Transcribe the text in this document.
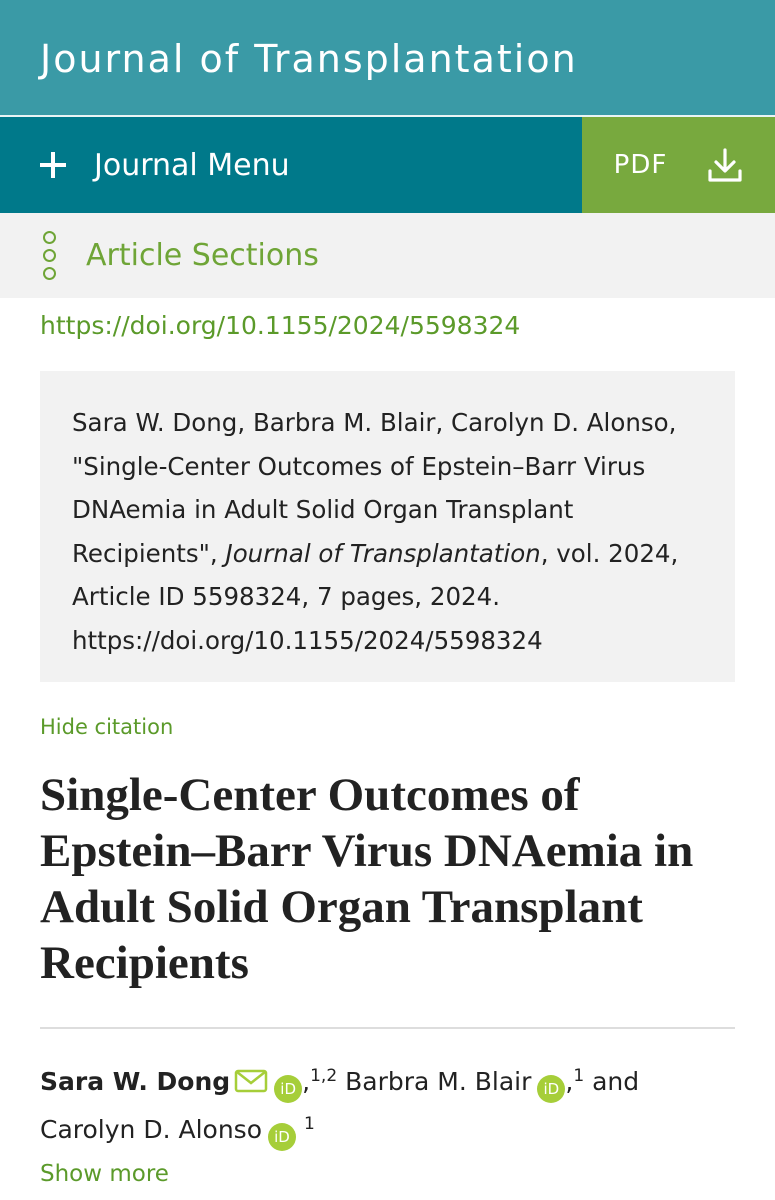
Journal of Transplantation
Journal Menu	PDF
Article Sections
https://doi.org/10.1155/2024/5598324
Sara W. Dong, Barbra M. Blair, Carolyn D. Alonso, "Single-Center Outcomes of Epstein–Barr Virus DNAemia in Adult Solid Organ Transplant Recipients", Journal of Transplantation, vol. 2024, Article ID 5598324, 7 pages, 2024. https://doi.org/10.1155/2024/5598324
Hide citation
Single-Center Outcomes of Epstein–Barr Virus DNAemia in Adult Solid Organ Transplant Recipients
Sara W. Dong	iD ,$^{1,2}$ Barbra M. Blair iD ,$^1$ and
Carolyn D. Alonso iD $^1$
Show more
